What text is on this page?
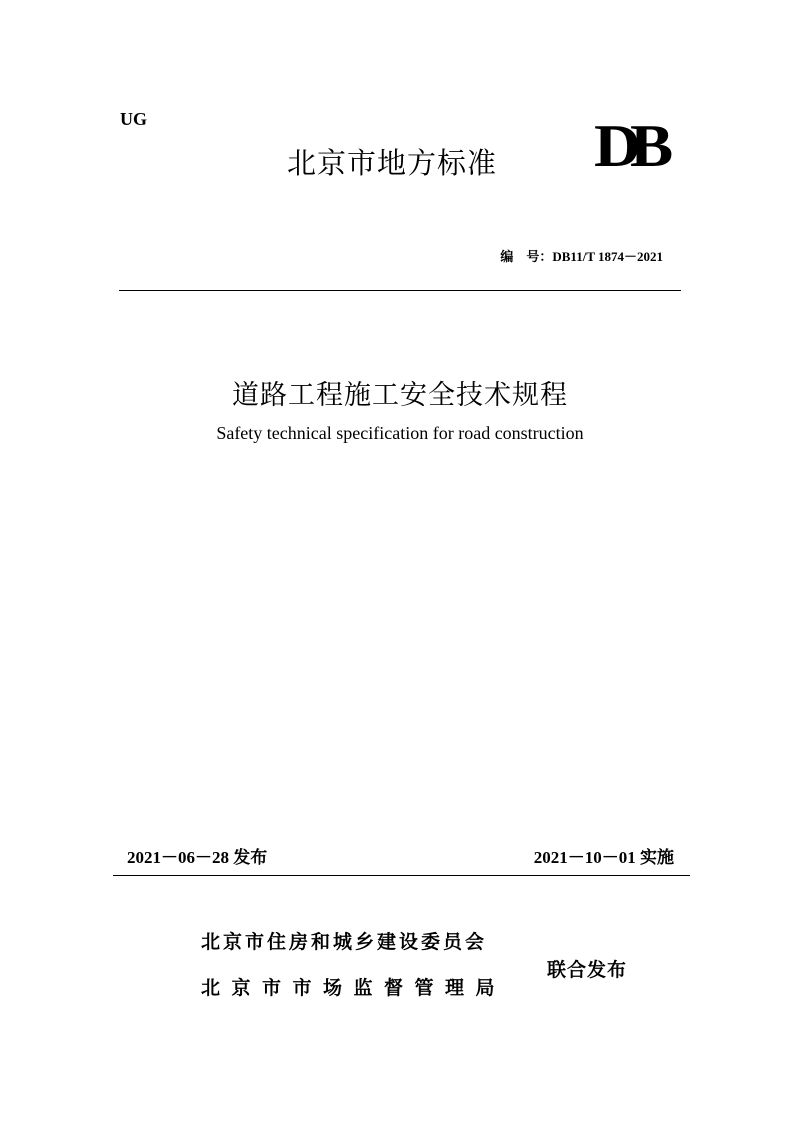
UG
北京市地方标准 DB
编    号：DB11/T 1874－2021
道路工程施工安全技术规程
Safety technical specification for road construction
2021－06－28 发布	2021－10－01 实施
北京市住房和城乡建设委员会
北京市市场监督管理局
联合发布
